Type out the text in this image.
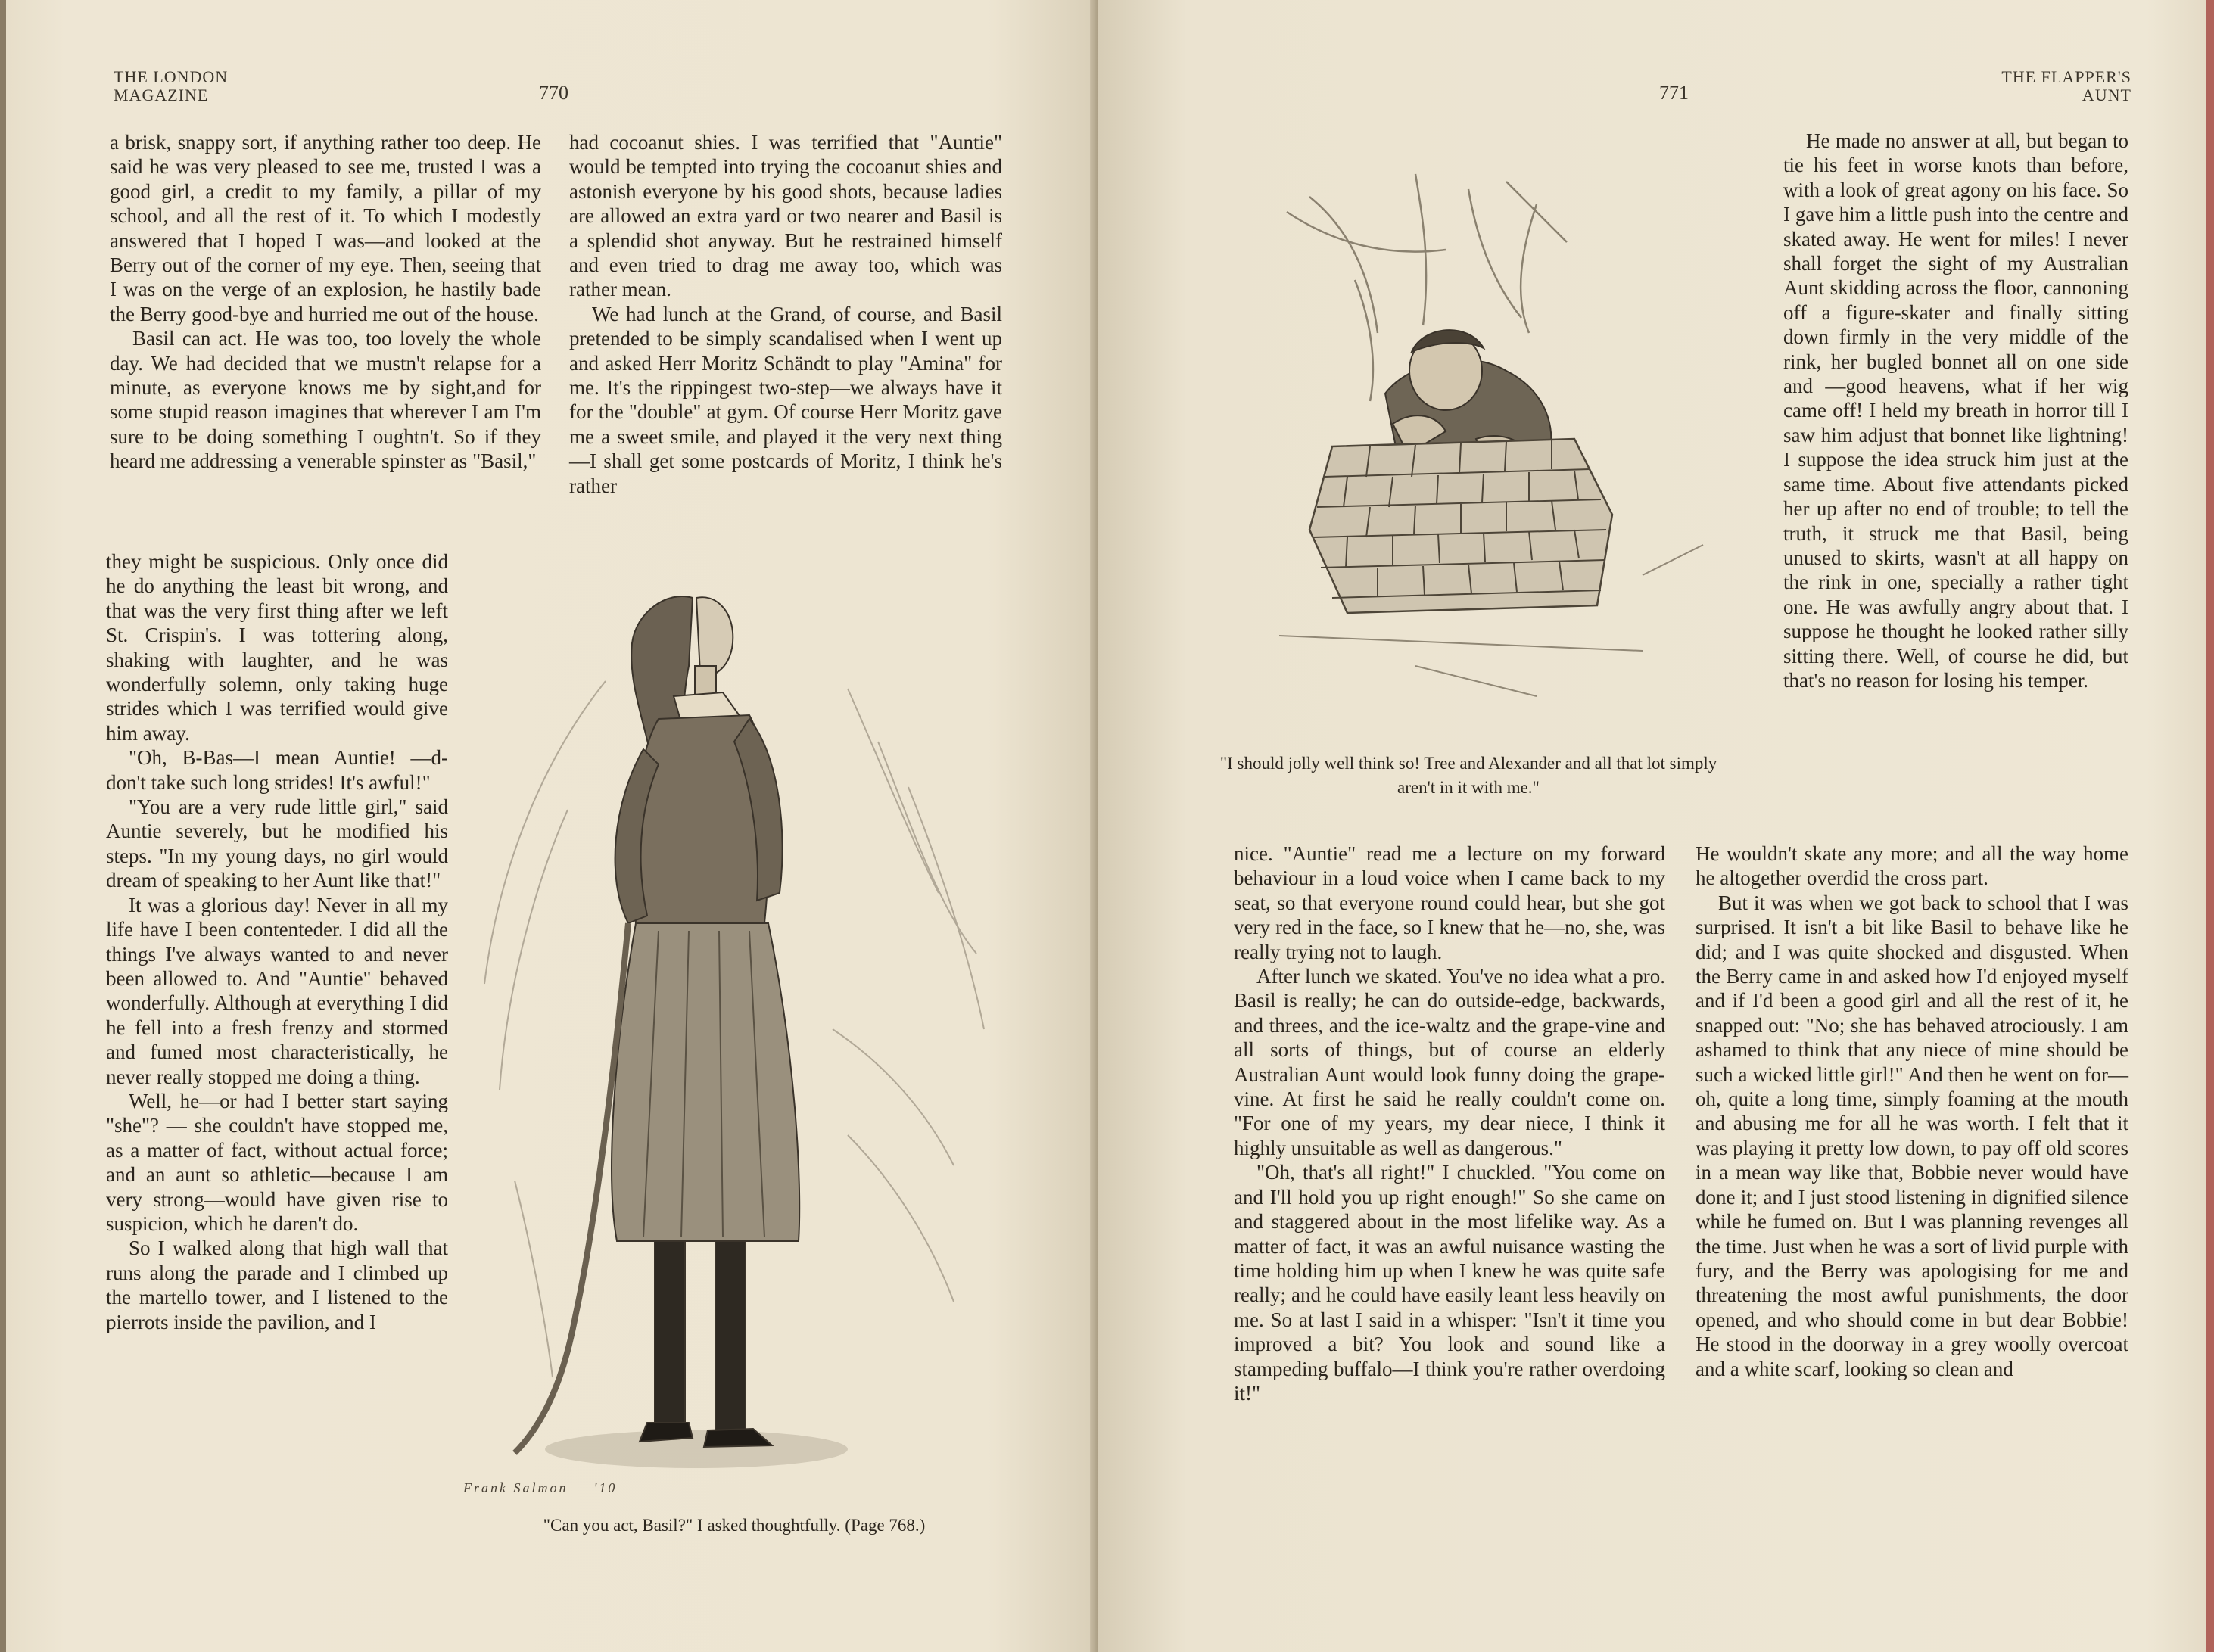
THE LONDON
MAGAZINE	770

a brisk, snappy sort, if anything rather too deep. He said he was very pleased to see me, trusted I was a good girl, a credit to my family, a pillar of my school, and all the rest of it. To which I modestly answered that I hoped I was—and looked at the Berry out of the corner of my eye. Then, seeing that I was on the verge of an explosion, he hastily bade the Berry good-bye and hurried me out of the house.

Basil can act. He was too, too lovely the whole day. We had decided that we mustn't relapse for a minute, as everyone knows me by sight,and for some stupid reason imagines that wherever I am I'm sure to be doing something I oughtn't. So if they heard me addressing a venerable spinster as "Basil,"

they might be suspicious. Only once did he do anything the least bit wrong, and that was the very first thing after we left St. Crispin's. I was tottering along, shaking with laughter, and he was wonderfully solemn, only taking huge strides which I was terrified would give him away.

"Oh, B-Bas—I mean Auntie! —d-don't take such long strides! It's awful!"

"You are a very rude little girl," said Auntie severely, but he modified his steps. "In my young days, no girl would dream of speaking to her Aunt like that!"

It was a glorious day! Never in all my life have I been contenteder. I did all the things I've always wanted to and never been allowed to. And "Auntie" behaved wonderfully. Although at everything I did he fell into a fresh frenzy and stormed and fumed most characteristically, he never really stopped me doing a thing.

Well, he—or had I better start saying "she"? — she couldn't have stopped me, as a matter of fact, without actual force; and an aunt so athletic—because I am very strong—would have given rise to suspicion, which he daren't do.

So I walked along that high wall that runs along the parade and I climbed up the martello tower, and I listened to the pierrots inside the pavilion, and I

had cocoanut shies. I was terrified that "Auntie" would be tempted into trying the cocoanut shies and astonish everyone by his good shots, because ladies are allowed an extra yard or two nearer and Basil is a splendid shot anyway. But he restrained himself and even tried to drag me away too, which was rather mean.

We had lunch at the Grand, of course, and Basil pretended to be simply scandalised when I went up and asked Herr Moritz Schändt to play "Amina" for me. It's the rippingest two-step—we always have it for the "double" at gym. Of course Herr Moritz gave me a sweet smile, and played it the very next thing—I shall get some postcards of Moritz, I think he's rather

Frank Salmon — '10 —
"Can you act, Basil?" I asked thoughtfully. (Page 768.)
771
THE FLAPPER'S
AUNT
"I should jolly well think so! Tree and Alexander and all that lot simply aren't in it with me."

He made no answer at all, but began to tie his feet in worse knots than before, with a look of great agony on his face. So I gave him a little push into the centre and skated away. He went for miles! I never shall forget the sight of my Australian Aunt skidding across the floor, cannoning off a figure-skater and finally sitting down firmly in the very middle of the rink, her bugled bonnet all on one side and —good heavens, what if her wig came off! I held my breath in horror till I saw him adjust that bonnet like lightning! I suppose the idea struck him just at the same time. About five attendants picked her up after no end of trouble; to tell the truth, it struck me that Basil, being unused to skirts, wasn't at all happy on the rink in one, specially a rather tight one. He was awfully angry about that. I suppose he thought he looked rather silly sitting there. Well, of course he did, but that's no reason for losing his temper.

nice. "Auntie" read me a lecture on my forward behaviour in a loud voice when I came back to my seat, so that everyone round could hear, but she got very red in the face, so I knew that he—no, she, was really trying not to laugh.

After lunch we skated. You've no idea what a pro. Basil is really; he can do outside-edge, backwards, and threes, and the ice-waltz and the grape-vine and all sorts of things, but of course an elderly Australian Aunt would look funny doing the grape-vine. At first he said he really couldn't come on. "For one of my years, my dear niece, I think it highly unsuitable as well as dangerous."

"Oh, that's all right!" I chuckled. "You come on and I'll hold you up right enough!" So she came on and staggered about in the most lifelike way. As a matter of fact, it was an awful nuisance wasting the time holding him up when I knew he was quite safe really; and he could have easily leant less heavily on me. So at last I said in a whisper: "Isn't it time you improved a bit? You look and sound like a stampeding buffalo—I think you're rather overdoing it!"

He wouldn't skate any more; and all the way home he altogether overdid the cross part.

But it was when we got back to school that I was surprised. It isn't a bit like Basil to behave like he did; and I was quite shocked and disgusted. When the Berry came in and asked how I'd enjoyed myself and if I'd been a good girl and all the rest of it, he snapped out: "No; she has behaved atrociously. I am ashamed to think that any niece of mine should be such a wicked little girl!" And then he went on for—oh, quite a long time, simply foaming at the mouth and abusing me for all he was worth. I felt that it was playing it pretty low down, to pay off old scores in a mean way like that, Bobbie never would have done it; and I just stood listening in dignified silence while he fumed on. But I was planning revenges all the time. Just when he was a sort of livid purple with fury, and the Berry was apologising for me and threatening the most awful punishments, the door opened, and who should come in but dear Bobbie! He stood in the doorway in a grey woolly overcoat and a white scarf, looking so clean and
